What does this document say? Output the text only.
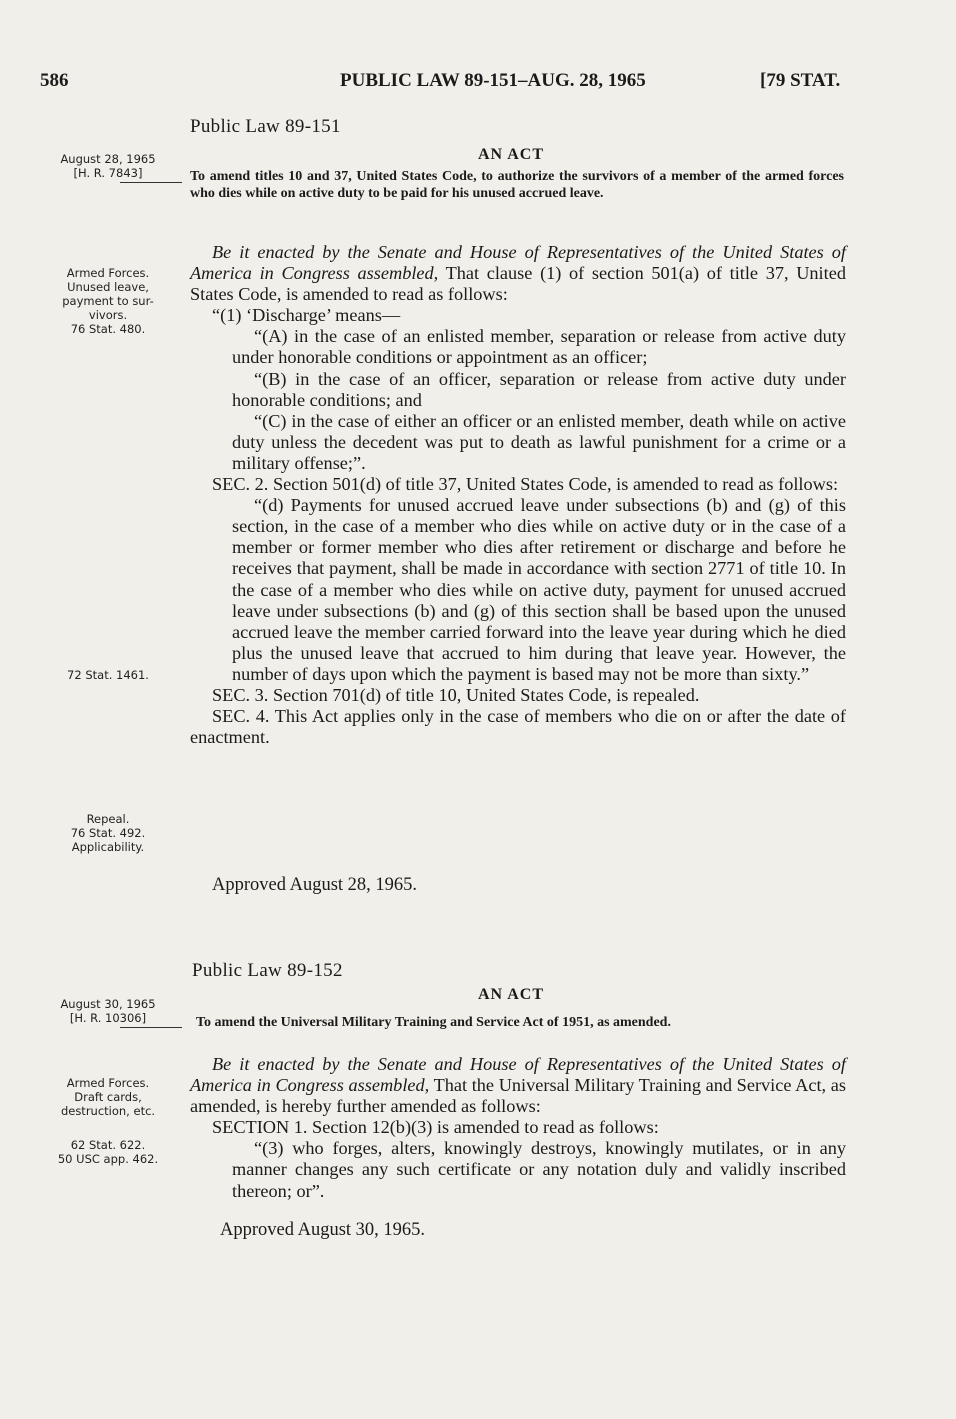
586	PUBLIC LAW 89-151–AUG. 28, 1965	[79 STAT.
Public Law 89-151
August 28, 1965
[H. R. 7843]
AN ACT
To amend titles 10 and 37, United States Code, to authorize the survivors of a member of the armed forces who dies while on active duty to be paid for his unused accrued leave.
Armed Forces.
Unused leave,
payment to sur-
vivors.
76 Stat. 480.
72 Stat. 1461.
Repeal.
76 Stat. 492.
Applicability.

Be it enacted by the Senate and House of Representatives of the United States of America in Congress assembled, That clause (1) of section 501(a) of title 37, United States Code, is amended to read as follows:

“(1) ‘Discharge’ means—

“(A) in the case of an enlisted member, separation or release from active duty under honorable conditions or appointment as an officer;

“(B) in the case of an officer, separation or release from active duty under honorable conditions; and

“(C) in the case of either an officer or an enlisted member, death while on active duty unless the decedent was put to death as lawful punishment for a crime or a military offense;”.

SEC. 2. Section 501(d) of title 37, United States Code, is amended to read as follows:

“(d) Payments for unused accrued leave under subsections (b) and (g) of this section, in the case of a member who dies while on active duty or in the case of a member or former member who dies after retirement or discharge and before he receives that payment, shall be made in accordance with section 2771 of title 10. In the case of a member who dies while on active duty, payment for unused accrued leave under subsections (b) and (g) of this section shall be based upon the unused accrued leave the member carried forward into the leave year during which he died plus the unused leave that accrued to him during that leave year. However, the number of days upon which the payment is based may not be more than sixty.”

SEC. 3. Section 701(d) of title 10, United States Code, is repealed.

SEC. 4. This Act applies only in the case of members who die on or after the date of enactment.

Approved August 28, 1965.
Public Law 89-152
August 30, 1965
[H. R. 10306]
AN ACT
To amend the Universal Military Training and Service Act of 1951, as amended.
Armed Forces.
Draft cards,
destruction, etc.
62 Stat. 622.
50 USC app. 462.

Be it enacted by the Senate and House of Representatives of the United States of America in Congress assembled, That the Universal Military Training and Service Act, as amended, is hereby further amended as follows:

SECTION 1. Section 12(b)(3) is amended to read as follows:

“(3) who forges, alters, knowingly destroys, knowingly mutilates, or in any manner changes any such certificate or any notation duly and validly inscribed thereon; or”.

Approved August 30, 1965.
